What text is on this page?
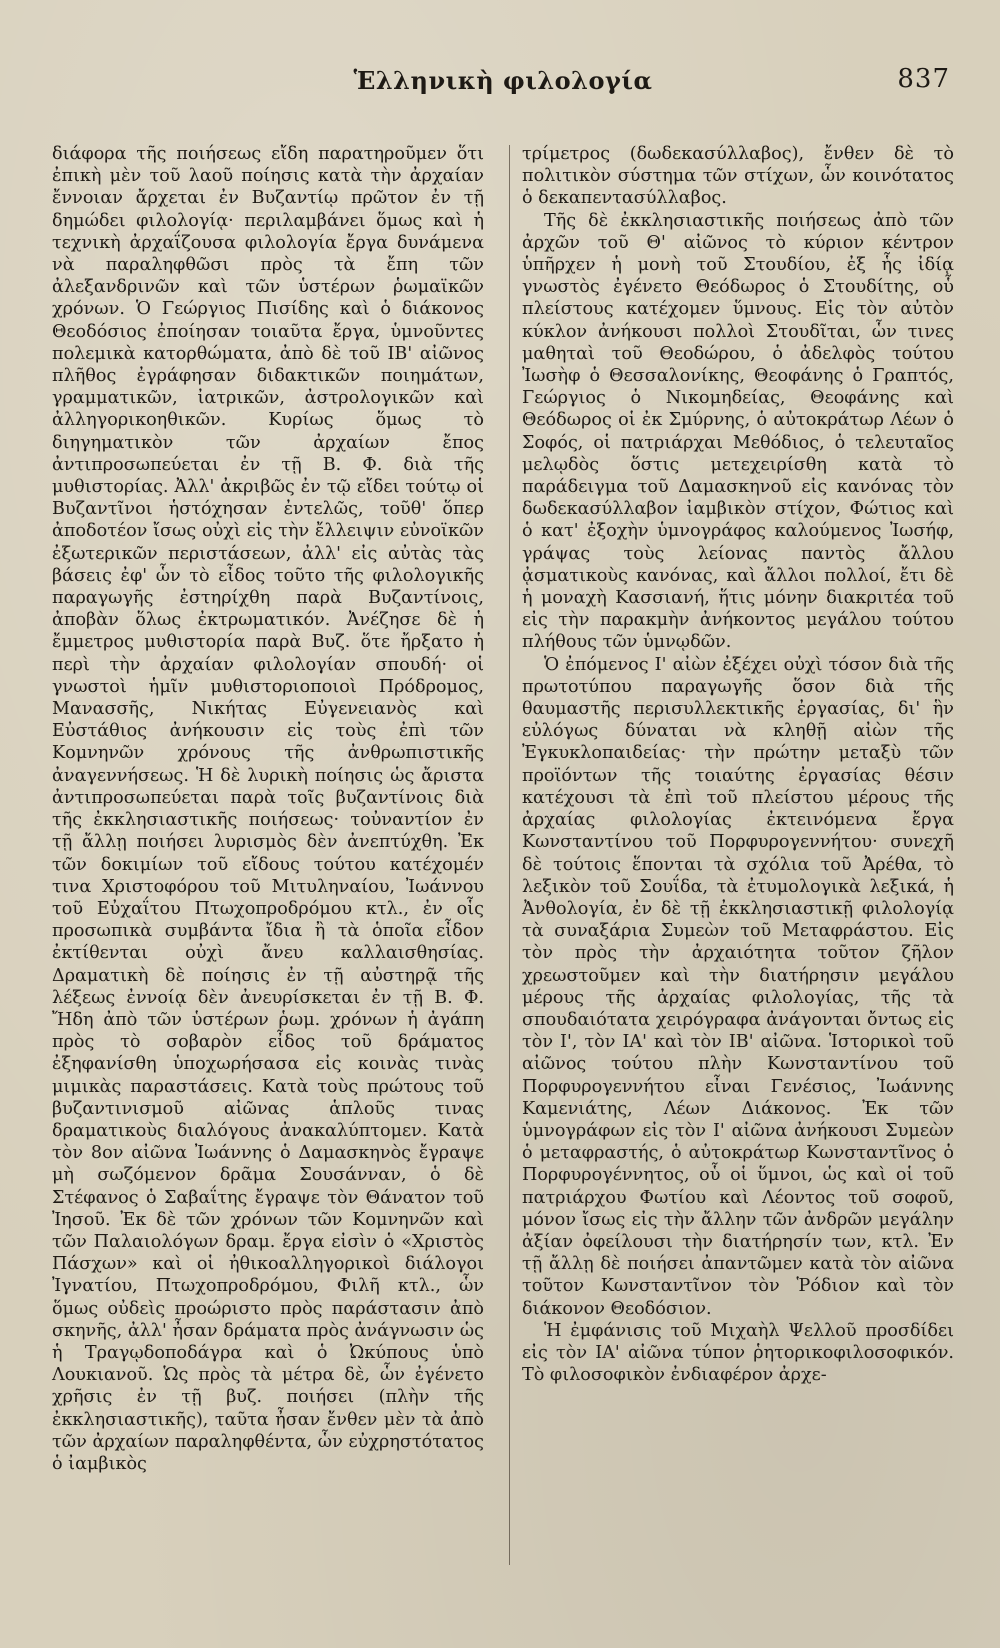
Ἑλληνικὴ φιλολογία	837

διάφορα τῆς ποιήσεως εἴδη παρατηροῦμεν ὅτι ἐπικὴ μὲν τοῦ λαοῦ ποίησις κατὰ τὴν ἀρχαίαν ἔννοιαν ἄρχεται ἐν Βυζαντίῳ πρῶτον ἐν τῇ δημώδει φιλολογίᾳ· περιλαμβάνει ὅμως καὶ ἡ τεχνικὴ ἀρχαΐζουσα φιλολογία ἔργα δυνάμενα νὰ παραληφθῶσι πρὸς τὰ ἔπη τῶν ἀλεξανδρινῶν καὶ τῶν ὑστέρων ῥωμαϊκῶν χρόνων. Ὁ Γεώργιος Πισίδης καὶ ὁ διάκονος Θεοδόσιος ἐποίησαν τοιαῦτα ἔργα, ὑμνοῦντες πολεμικὰ κατορθώματα, ἀπὸ δὲ τοῦ ΙΒ' αἰῶνος πλῆθος ἐγράφησαν διδακτικῶν ποιημάτων, γραμματικῶν, ἰατρικῶν, ἀστρολογικῶν καὶ ἀλληγορικοηθικῶν. Κυρίως ὅμως τὸ διηγηματικὸν τῶν ἀρχαίων ἔπος ἀντιπροσωπεύεται ἐν τῇ Β. Φ. διὰ τῆς μυθιστορίας. Ἀλλ' ἀκριβῶς ἐν τῷ εἴδει τούτῳ οἱ Βυζαντῖνοι ἡστόχησαν ἐντελῶς, τοῦθ' ὅπερ ἀποδοτέον ἴσως οὐχὶ εἰς τὴν ἔλλειψιν εὐνοϊκῶν ἐξωτερικῶν περιστάσεων, ἀλλ' εἰς αὐτὰς τὰς βάσεις ἐφ' ὧν τὸ εἶδος τοῦτο τῆς φιλολογικῆς παραγωγῆς ἐστηρίχθη παρὰ Βυζαντίνοις, ἀποβὰν ὅλως ἐκτρωματικόν. Ἀνέζησε δὲ ἡ ἔμμετρος μυθιστορία παρὰ Βυζ. ὅτε ἤρξατο ἡ περὶ τὴν ἀρχαίαν φιλολογίαν σπουδή· οἱ γνωστοὶ ἡμῖν μυθιστοριοποιοὶ Πρόδρομος, Μανασσῆς, Νικήτας Εὐγενειανὸς καὶ Εὐστάθιος ἀνήκουσιν εἰς τοὺς ἐπὶ τῶν Κομνηνῶν χρόνους τῆς ἀνθρωπιστικῆς ἀναγεννήσεως. Ἡ δὲ λυρικὴ ποίησις ὡς ἄριστα ἀντιπροσωπεύεται παρὰ τοῖς βυζαντίνοις διὰ τῆς ἐκκλησιαστικῆς ποιήσεως· τοὐναντίον ἐν τῇ ἄλλῃ ποιήσει λυρισμὸς δὲν ἀνεπτύχθη. Ἐκ τῶν δοκιμίων τοῦ εἴδους τούτου κατέχομέν τινα Χριστοφόρου τοῦ Μιτυληναίου, Ἰωάννου τοῦ Εὐχαΐτου Πτωχοπροδρόμου κτλ., ἐν οἷς προσωπικὰ συμβάντα ἴδια ἢ τὰ ὁποῖα εἶδον ἐκτίθενται οὐχὶ ἄνευ καλλαισθησίας. Δραματικὴ δὲ ποίησις ἐν τῇ αὐστηρᾷ τῆς λέξεως ἐννοίᾳ δὲν ἀνευρίσκεται ἐν τῇ Β. Φ. Ἤδη ἀπὸ τῶν ὑστέρων ῥωμ. χρόνων ἡ ἀγάπη πρὸς τὸ σοβαρὸν εἶδος τοῦ δράματος ἐξηφανίσθη ὑποχωρήσασα εἰς κοινὰς τινὰς μιμικὰς παραστάσεις. Κατὰ τοὺς πρώτους τοῦ βυζαντινισμοῦ αἰῶνας ἁπλοῦς τινας δραματικοὺς διαλόγους ἀνακαλύπτομεν. Κατὰ τὸν 8ον αἰῶνα Ἰωάννης ὁ Δαμασκηνὸς ἔγραψε μὴ σωζόμενον δρᾶμα Σουσάνναν, ὁ δὲ Στέφανος ὁ Σαβαΐτης ἔγραψε τὸν Θάνατον τοῦ Ἰησοῦ. Ἐκ δὲ τῶν χρόνων τῶν Κομνηνῶν καὶ τῶν Παλαιολόγων δραμ. ἔργα εἰσὶν ὁ «Χριστὸς Πάσχων» καὶ οἱ ἠθικοαλληγορικοὶ διάλογοι Ἰγνατίου, Πτωχοπροδρόμου, Φιλῆ κτλ., ὧν ὅμως οὐδεὶς προώριστο πρὸς παράστασιν ἀπὸ σκηνῆς, ἀλλ' ἦσαν δράματα πρὸς ἀνάγνωσιν ὡς ἡ Τραγῳδοποδάγρα καὶ ὁ Ὠκύπους ὑπὸ Λουκιανοῦ. Ὡς πρὸς τὰ μέτρα δὲ, ὧν ἐγένετο χρῆσις ἐν τῇ βυζ. ποιήσει (πλὴν τῆς ἐκκλησιαστικῆς), ταῦτα ἦσαν ἔνθεν μὲν τὰ ἀπὸ τῶν ἀρχαίων παραληφθέντα, ὧν εὐχρηστότατος ὁ ἰαμβικὸς

τρίμετρος (δωδεκασύλλαβος), ἔνθεν δὲ τὸ πολιτικὸν σύστημα τῶν στίχων, ὧν κοινότατος ὁ δεκαπεντασύλλαβος.

Τῆς δὲ ἐκκλησιαστικῆς ποιήσεως ἀπὸ τῶν ἀρχῶν τοῦ Θ' αἰῶνος τὸ κύριον κέντρον ὑπῆρχεν ἡ μονὴ τοῦ Στουδίου, ἐξ ἧς ἰδίᾳ γνωστὸς ἐγένετο Θεόδωρος ὁ Στουδίτης, οὗ πλείστους κατέχομεν ὕμνους. Εἰς τὸν αὐτὸν κύκλον ἀνήκουσι πολλοὶ Στουδῖται, ὧν τινες μαθηταὶ τοῦ Θεοδώρου, ὁ ἀδελφὸς τούτου Ἰωσὴφ ὁ Θεσσαλονίκης, Θεοφάνης ὁ Γραπτός, Γεώργιος ὁ Νικομηδείας, Θεοφάνης καὶ Θεόδωρος οἱ ἐκ Σμύρνης, ὁ αὐτοκράτωρ Λέων ὁ Σοφός, οἱ πατριάρχαι Μεθόδιος, ὁ τελευταῖος μελῳδὸς ὅστις μετεχειρίσθη κατὰ τὸ παράδειγμα τοῦ Δαμασκηνοῦ εἰς κανόνας τὸν δωδεκασύλλαβον ἰαμβικὸν στίχον, Φώτιος καὶ ὁ κατ' ἐξοχὴν ὑμνογράφος καλούμενος Ἰωσήφ, γράψας τοὺς λείονας παντὸς ἄλλου ᾀσματικοὺς κανόνας, καὶ ἄλλοι πολλοί, ἔτι δὲ ἡ μοναχὴ Κασσιανή, ἥτις μόνην διακριτέα τοῦ εἰς τὴν παρακμὴν ἀνήκοντος μεγάλου τούτου πλήθους τῶν ὑμνῳδῶν.

Ὁ ἐπόμενος Ι' αἰὼν ἐξέχει οὐχὶ τόσον διὰ τῆς πρωτοτύπου παραγωγῆς ὅσον διὰ τῆς θαυμαστῆς περισυλλεκτικῆς ἐργασίας, δι' ἣν εὐλόγως δύναται νὰ κληθῇ αἰὼν τῆς Ἐγκυκλοπαιδείας· τὴν πρώτην μεταξὺ τῶν προϊόντων τῆς τοιαύτης ἐργασίας θέσιν κατέχουσι τὰ ἐπὶ τοῦ πλείστου μέρους τῆς ἀρχαίας φιλολογίας ἐκτεινόμενα ἔργα Κωνσταντίνου τοῦ Πορφυρογεννήτου· συνεχῆ δὲ τούτοις ἕπονται τὰ σχόλια τοῦ Ἀρέθα, τὸ λεξικὸν τοῦ Σουΐδα, τὰ ἐτυμολογικὰ λεξικά, ἡ Ἀνθολογία, ἐν δὲ τῇ ἐκκλησιαστικῇ φιλολογίᾳ τὰ συναξάρια Συμεὼν τοῦ Μεταφράστου. Εἰς τὸν πρὸς τὴν ἀρχαιότητα τοῦτον ζῆλον χρεωστοῦμεν καὶ τὴν διατήρησιν μεγάλου μέρους τῆς ἀρχαίας φιλολογίας, τῆς τὰ σπουδαιότατα χειρόγραφα ἀνάγονται ὄντως εἰς τὸν Ι', τὸν ΙΑ' καὶ τὸν ΙΒ' αἰῶνα. Ἱστορικοὶ τοῦ αἰῶνος τούτου πλὴν Κωνσταντίνου τοῦ Πορφυρογεννήτου εἶναι Γενέσιος, Ἰωάννης Καμενιάτης, Λέων Διάκονος. Ἐκ τῶν ὑμνογράφων εἰς τὸν Ι' αἰῶνα ἀνήκουσι Συμεὼν ὁ μεταφραστής, ὁ αὐτοκράτωρ Κωνσταντῖνος ὁ Πορφυρογέννητος, οὗ οἱ ὕμνοι, ὡς καὶ οἱ τοῦ πατριάρχου Φωτίου καὶ Λέοντος τοῦ σοφοῦ, μόνον ἴσως εἰς τὴν ἄλλην τῶν ἀνδρῶν μεγάλην ἀξίαν ὀφείλουσι τὴν διατήρησίν των, κτλ. Ἐν τῇ ἄλλῃ δὲ ποιήσει ἀπαντῶμεν κατὰ τὸν αἰῶνα τοῦτον Κωνσταντῖνον τὸν Ῥόδιον καὶ τὸν διάκονον Θεοδόσιον.

Ἡ ἐμφάνισις τοῦ Μιχαὴλ Ψελλοῦ προσδίδει εἰς τὸν ΙΑ' αἰῶνα τύπον ῥητορικοφιλοσοφικόν. Τὸ φιλοσοφικὸν ἐνδιαφέρον ἀρχε-
